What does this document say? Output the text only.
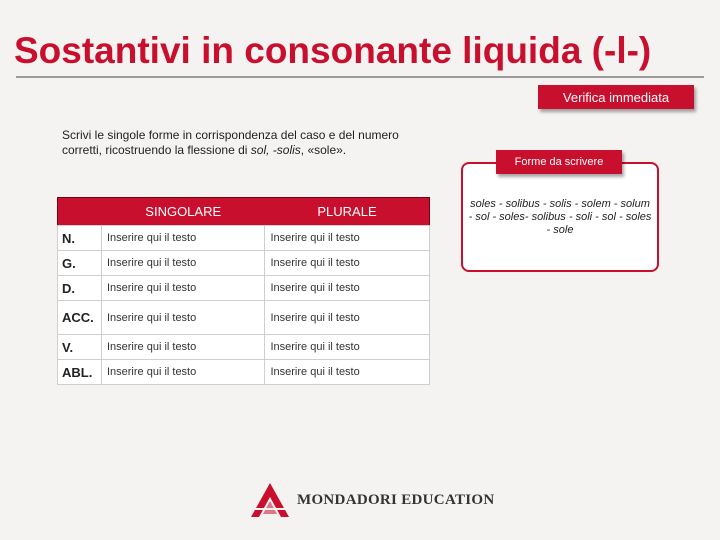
Sostantivi in consonante liquida (-l-)
Verifica immediata
Scrivi le singole forme in corrispondenza del caso e del numero corretti, ricostruendo la flessione di sol, -solis, «sole».
	SINGOLARE	PLURALE
N.	Inserire qui il testo	Inserire qui il testo
G.	Inserire qui il testo	Inserire qui il testo
D.	Inserire qui il testo	Inserire qui il testo
ACC.	Inserire qui il testo	Inserire qui il testo
V.	Inserire qui il testo	Inserire qui il testo
ABL.	Inserire qui il testo	Inserire qui il testo
Forme da scrivere
soles - solibus - solis - solem - solum - sol - soles- solibus - soli - sol - soles - sole
MONDADORI EDUCATION
